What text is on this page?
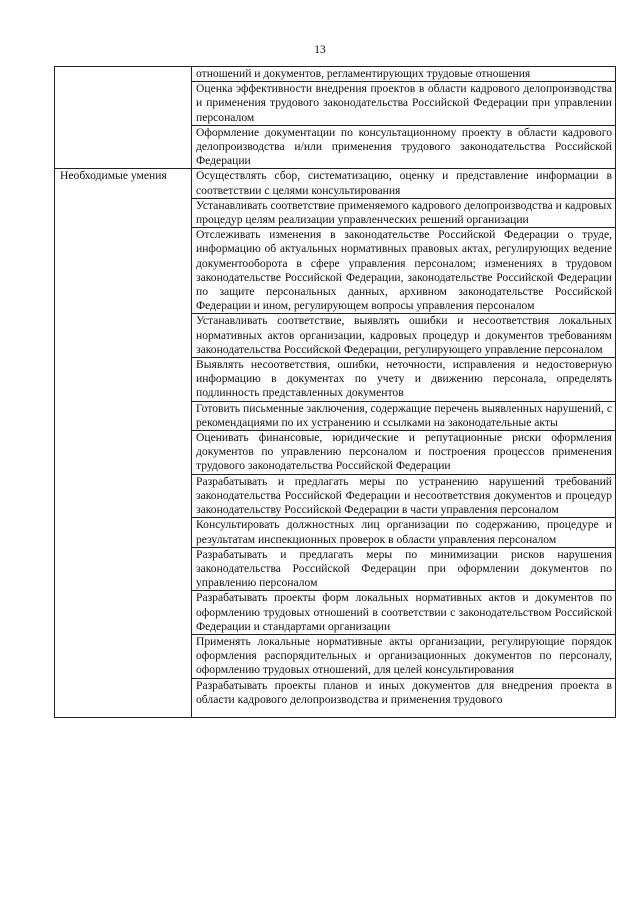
13
	отношений и документов, регламентирующих трудовые отношения
	Оценка эффективности внедрения проектов в области кадрового делопроизводства и применения трудового законодательства Российской Федерации при управлении персоналом
	Оформление документации по консультационному проекту в области кадрового делопроизводства и/или применения трудового законодательства Российской Федерации
Необходимые умения	Осуществлять сбор, систематизацию, оценку и представление информации в соответствии с целями консультирования
	Устанавливать соответствие применяемого кадрового делопроизводства и кадровых процедур целям реализации управленческих решений организации
	Отслеживать изменения в законодательстве Российской Федерации о труде, информацию об актуальных нормативных правовых актах, регулирующих ведение документооборота в сфере управления персоналом; изменениях в трудовом законодательстве Российской Федерации, законодательстве Российской Федерации по защите персональных данных, архивном законодательстве Российской Федерации и ином, регулирующем вопросы управления персоналом
	Устанавливать соответствие, выявлять ошибки и несоответствия локальных нормативных актов организации, кадровых процедур и документов требованиям законодательства Российской Федерации, регулирующего управление персоналом
	Выявлять несоответствия, ошибки, неточности, исправления и недостоверную информацию в документах по учету и движению персонала, определять подлинность представленных документов
	Готовить письменные заключения, содержащие перечень выявленных нарушений, с рекомендациями по их устранению и ссылками на законодательные акты
	Оценивать финансовые, юридические и репутационные риски оформления документов по управлению персоналом и построения процессов применения трудового законодательства Российской Федерации
	Разрабатывать и предлагать меры по устранению нарушений требований законодательства Российской Федерации и несоответствия документов и процедур законодательству Российской Федерации в части управления персоналом
	Консультировать должностных лиц организации по содержанию, процедуре и результатам инспекционных проверок в области управления персоналом
	Разрабатывать и предлагать меры по минимизации рисков нарушения законодательства Российской Федерации при оформлении документов по управлению персоналом
	Разрабатывать проекты форм локальных нормативных актов и документов по оформлению трудовых отношений в соответствии с законодательством Российской Федерации и стандартами организации
	Применять локальные нормативные акты организации, регулирующие порядок оформления распорядительных и организационных документов по персоналу, оформлению трудовых отношений, для целей консультирования
	Разрабатывать проекты планов и иных документов для внедрения проекта в области кадрового делопроизводства и применения трудового
